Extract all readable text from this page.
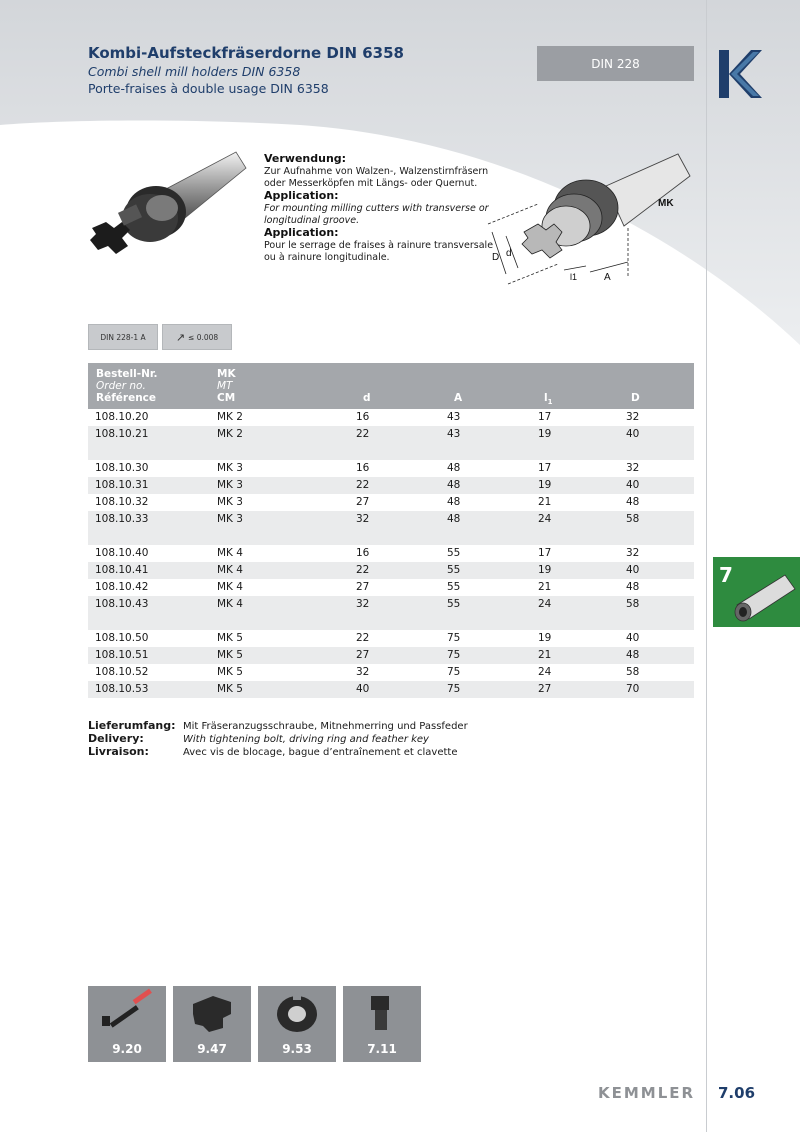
Kombi-Aufsteckfräserdorne DIN 6358
Combi shell mill holders DIN 6358
Porte-fraises à double usage DIN 6358
DIN 228
Verwendung:
Zur Aufnahme von Walzen-, Walzenstirnfräsern oder Messerköpfen mit Längs- oder Quernut.
Application:
For mounting milling cutters with transverse or longitudinal groove.
Application:
Pour le serrage de fraises à rainure transversale ou à rainure longitudinale.	D d
l1	A
MK
DIN 228-1 A	↗ ≤ 0.008
Bestell-Nr.
Order no.
Référence
MK
MT
CM	d	A	$l_1$	D
108.10.20	MK 2	16	43	17	32
108.10.21	MK 2	22	43	19	40
108.10.30	MK 3	16	48	17	32
108.10.31	MK 3	22	48	19	40
108.10.32	MK 3	27	48	21	48
108.10.33	MK 3	32	48	24	58
108.10.40	MK 4	16	55	17	32
108.10.41	MK 4	22	55	19	40
108.10.42	MK 4	27	55	21	48
108.10.43	MK 4	32	55	24	58
108.10.50	MK 5	22	75	19	40
108.10.51	MK 5	27	75	21	48
108.10.52	MK 5	32	75	24	58
108.10.53	MK 5	40	75	27	70
Lieferumfang: Mit Fräseranzugsschraube, Mitnehmerring und Passfeder
Delivery:	With tightening bolt, driving ring and feather key
Livraison:	Avec vis de blocage, bague d’entraînement et clavette
7
9.20	9.47	9.53	7.11
KEMMLER 7.06
